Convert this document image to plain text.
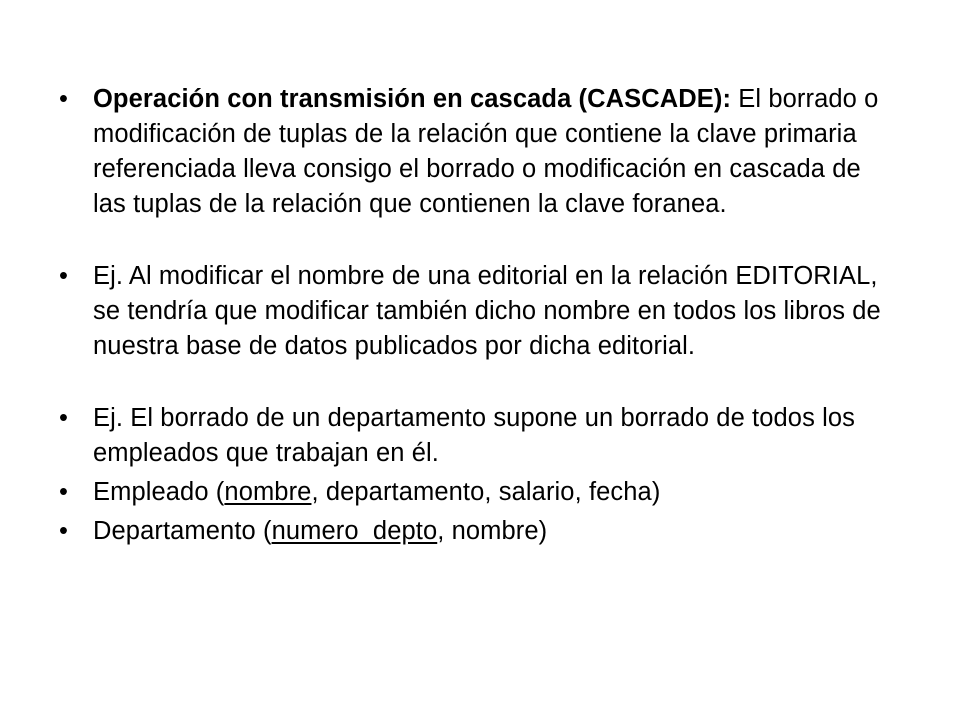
• Operación con transmisión en cascada (CASCADE): El borrado o modificación de tuplas de la relación que contiene la clave primaria referenciada lleva consigo el borrado o modificación en cascada de las tuplas de la relación que contienen la clave foranea.
• Ej. Al modificar el nombre de una editorial en la relación EDITORIAL, se tendría que modificar también dicho nombre en todos los libros de nuestra base de datos publicados por dicha editorial.
• Ej. El borrado de un departamento supone un borrado de todos los empleados que trabajan en él.
• Empleado (nombre, departamento, salario, fecha)
• Departamento (numero_depto, nombre)
